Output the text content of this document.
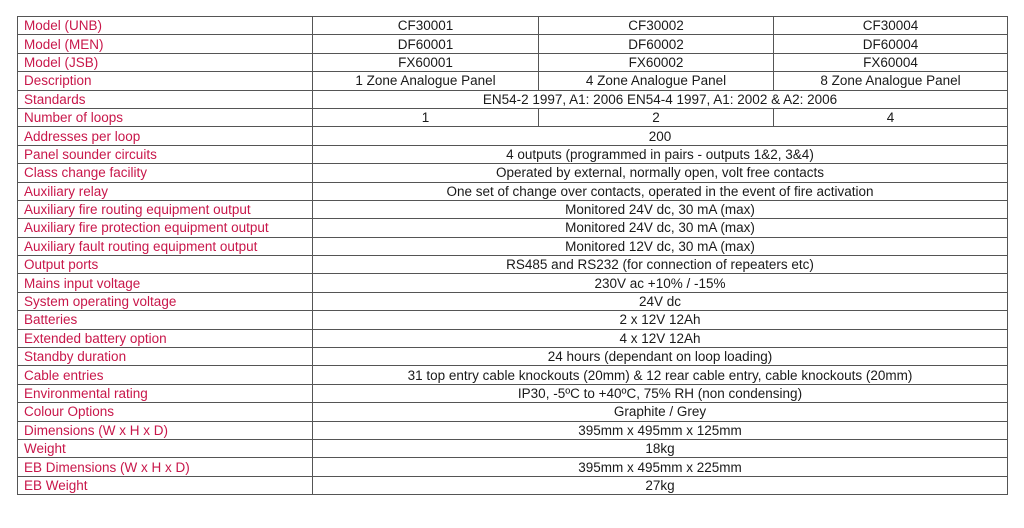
Model (UNB)	CF30001	CF30002	CF30004
Model (MEN)	DF60001	DF60002	DF60004
Model (JSB)	FX60001	FX60002	FX60004
Description	1 Zone Analogue Panel	4 Zone Analogue Panel	8 Zone Analogue Panel
Standards	EN54-2 1997, A1: 2006 EN54-4 1997, A1: 2002 & A2: 2006		
Number of loops	1	2	4
Addresses per loop	200		
Panel sounder circuits	4 outputs (programmed in pairs - outputs 1&2, 3&4)		
Class change facility	Operated by external, normally open, volt free contacts		
Auxiliary relay	One set of change over contacts, operated in the event of fire activation		
Auxiliary fire routing equipment output	Monitored 24V dc, 30 mA (max)		
Auxiliary fire protection equipment output	Monitored 24V dc, 30 mA (max)		
Auxiliary fault routing equipment output	Monitored 12V dc, 30 mA (max)		
Output ports	RS485 and RS232 (for connection of repeaters etc)		
Mains input voltage	230V ac +10% / -15%		
System operating voltage	24V dc		
Batteries	2 x 12V 12Ah		
Extended battery option	4 x 12V 12Ah		
Standby duration	24 hours (dependant on loop loading)		
Cable entries	31 top entry cable knockouts (20mm) & 12 rear cable entry, cable knockouts (20mm)		
Environmental rating	IP30, -5ºC to +40ºC, 75% RH (non condensing)		
Colour Options	Graphite / Grey		
Dimensions (W x H x D)	395mm x 495mm x 125mm		
Weight	18kg		
EB Dimensions (W x H x D)	395mm x 495mm x 225mm		
EB Weight	27kg		
